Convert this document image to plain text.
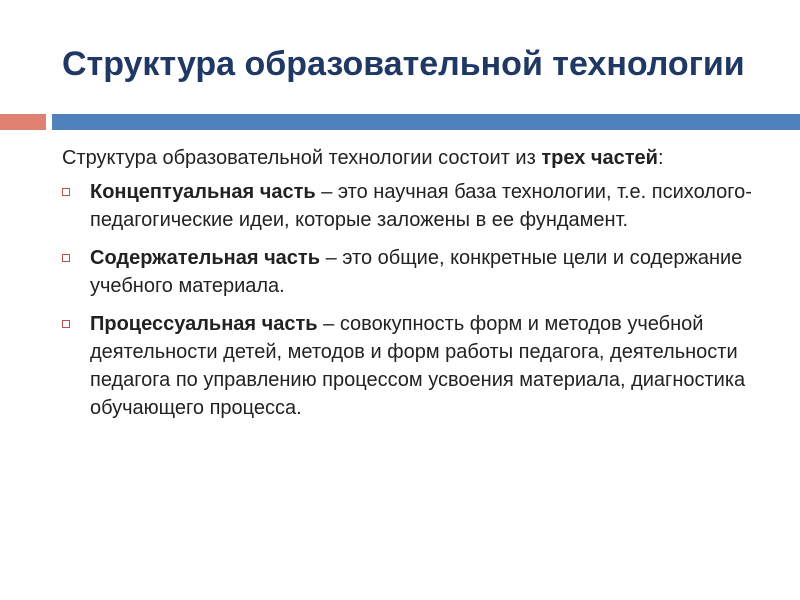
Структура образовательной технологии

Структура образовательной технологии состоит из трех частей:

Концептуальная часть – это научная база технологии, т.е. психолого-педагогические идеи, которые заложены в ее фундамент.
Содержательная часть – это общие, конкретные цели и содержание учебного материала.
Процессуальная часть – совокупность форм и методов учебной деятельности детей, методов и форм работы педагога, деятельности педагога по управлению процессом усвоения материала, диагностика обучающего процесса.
